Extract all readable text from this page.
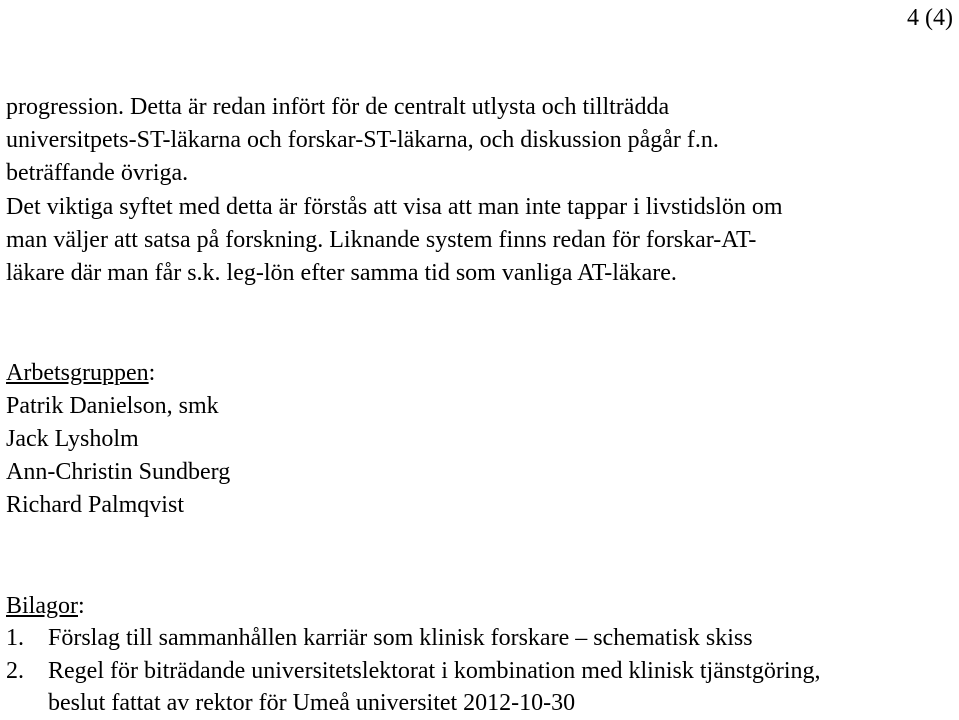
4 (4)
progression. Detta är redan infört för de centralt utlysta och tillträdda
universitpets-ST-läkarna och forskar-ST-läkarna, och diskussion pågår f.n.
beträffande övriga.
Det viktiga syftet med detta är förstås att visa att man inte tappar i livstidslön om
man väljer att satsa på forskning. Liknande system finns redan för forskar-AT-
läkare där man får s.k. leg-lön efter samma tid som vanliga AT-läkare.
Arbetsgruppen:
Patrik Danielson, smk
Jack Lysholm
Ann-Christin Sundberg
Richard Palmqvist
Bilagor:
1. Förslag till sammanhållen karriär som klinisk forskare – schematisk skiss
2. Regel för biträdande universitetslektorat i kombination med klinisk tjänstgöring,
beslut fattat av rektor för Umeå universitet 2012-10-30
